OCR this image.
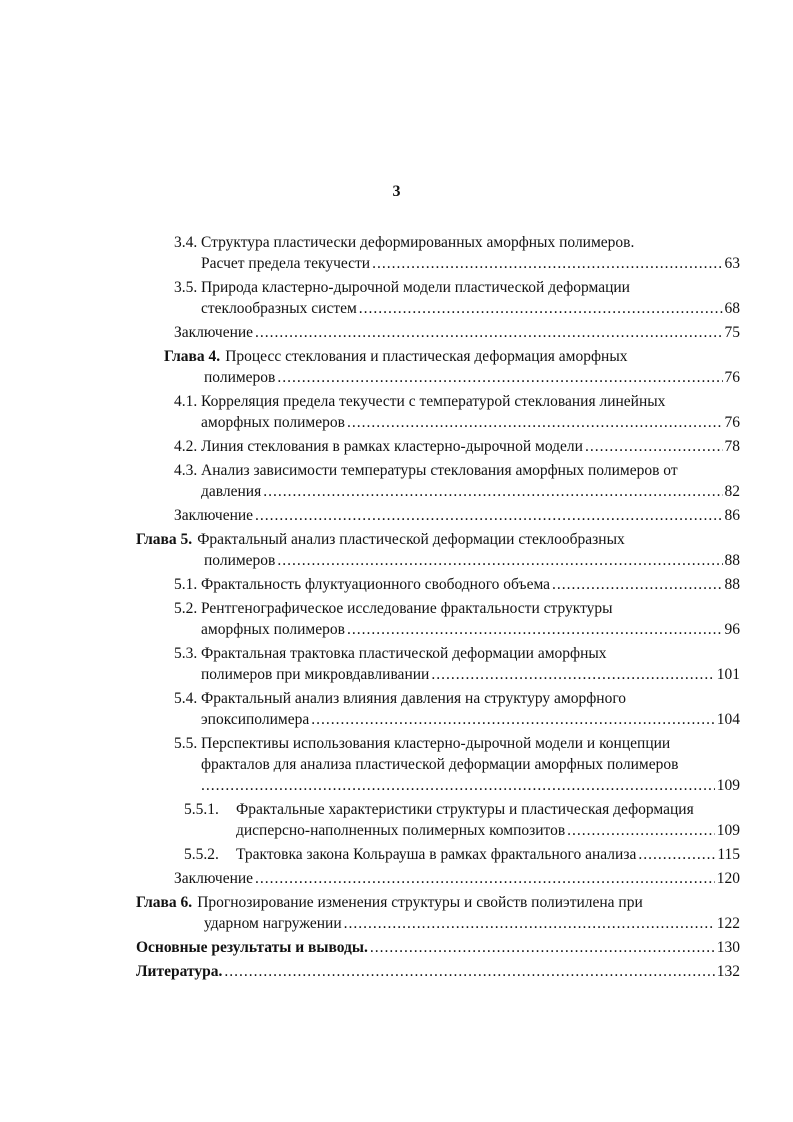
3
3.4. Структура пластически деформированных аморфных полимеров.
Расчет предела текучести .....	63
3.5. Природа кластерно-дырочной модели пластической деформации
стеклообразных систем .....	68
Заключение .....	75
Глава 4. Процесс стеклования и пластическая деформация аморфных
полимеров .....	76
4.1. Корреляция предела текучести с температурой стеклования линейных
аморфных полимеров .....	76
4.2. Линия стеклования в рамках кластерно-дырочной модели .....	78
4.3. Анализ зависимости температуры стеклования аморфных полимеров от
давления .....	82
Заключение .....	86
Глава 5. Фрактальный анализ пластической деформации стеклообразных
полимеров .....	88
5.1. Фрактальность флуктуационного свободного объема .....	88
5.2. Рентгенографическое исследование фрактальности структуры
аморфных полимеров .....	96
5.3. Фрактальная трактовка пластической деформации аморфных
полимеров при микровдавливании .....	101
5.4. Фрактальный анализ влияния давления на структуру аморфного
эпоксиполимера .....	104
5.5. Перспективы использования кластерно-дырочной модели и концепции
фракталов для анализа пластической деформации аморфных полимеров
.....
109
5.5.1.	Фрактальные характеристики структуры и пластическая деформация
дисперсно-наполненных полимерных композитов .....	109
5.5.2.	Трактовка закона Кольрауша в рамках фрактального анализа .....	115
Заключение .....	120
Глава 6. Прогнозирование изменения структуры и свойств полиэтилена при
ударном нагружении .....	122
Основные результаты и выводы. .....	130
Литература. .....	132
